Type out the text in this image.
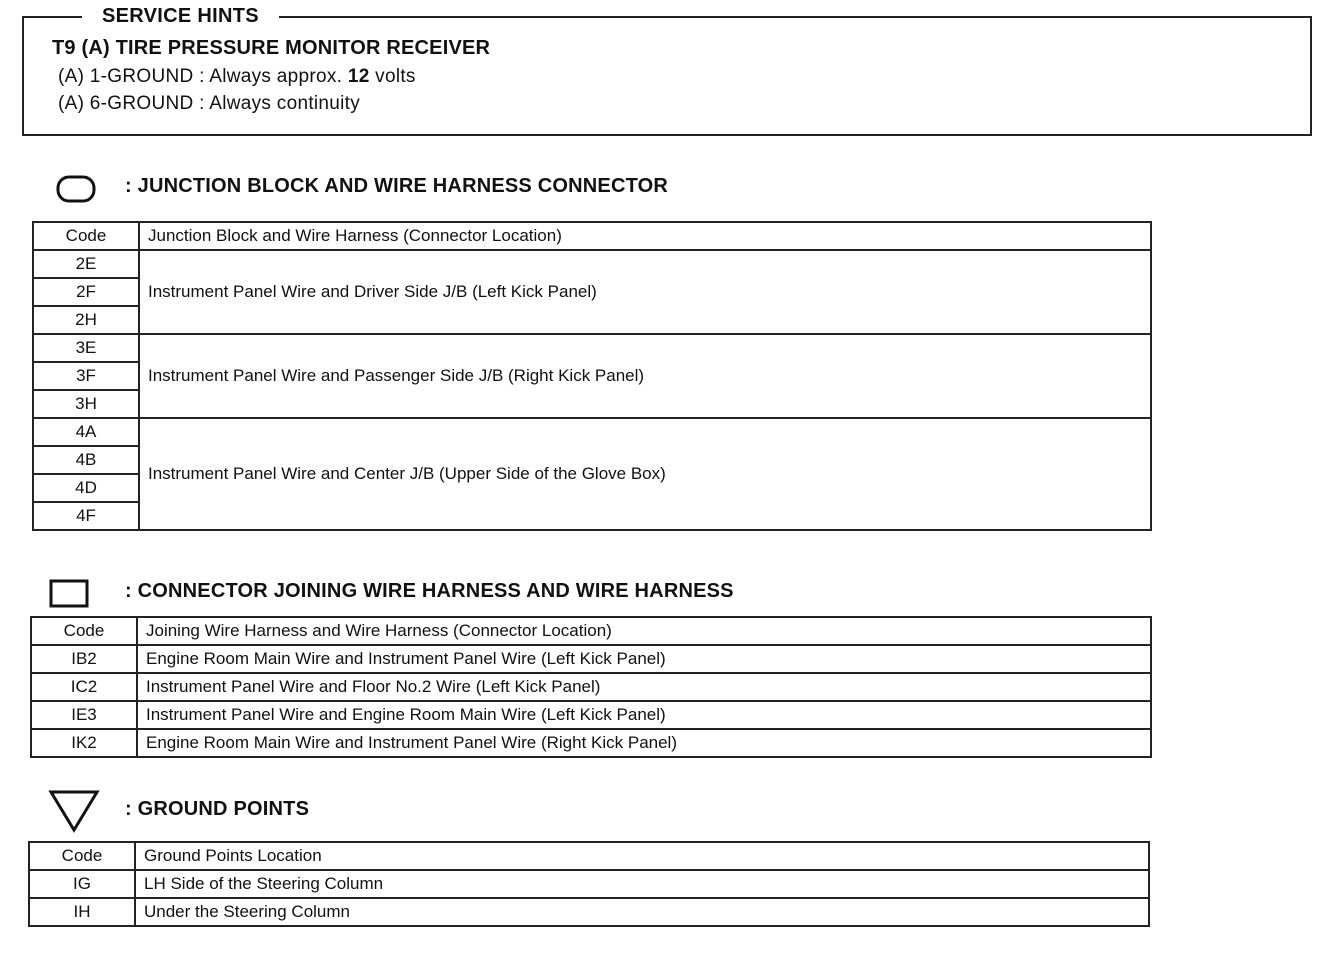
SERVICE HINTS
T9 (A) TIRE PRESSURE MONITOR RECEIVER
(A) 1-GROUND : Always approx. 12 volts
(A) 6-GROUND : Always continuity
: JUNCTION BLOCK AND WIRE HARNESS CONNECTOR
Code	Junction Block and Wire Harness (Connector Location)
2E	Instrument Panel Wire and Driver Side J/B (Left Kick Panel)
2F	
2H	
3E	Instrument Panel Wire and Passenger Side J/B (Right Kick Panel)
3F	
3H	
4A	Instrument Panel Wire and Center J/B (Upper Side of the Glove Box)
4B	
4D	
4F	
: CONNECTOR JOINING WIRE HARNESS AND WIRE HARNESS
Code	Joining Wire Harness and Wire Harness (Connector Location)
IB2	Engine Room Main Wire and Instrument Panel Wire (Left Kick Panel)
IC2	Instrument Panel Wire and Floor No.2 Wire (Left Kick Panel)
IE3	Instrument Panel Wire and Engine Room Main Wire (Left Kick Panel)
IK2	Engine Room Main Wire and Instrument Panel Wire (Right Kick Panel)
: GROUND POINTS
Code	Ground Points Location
IG	LH Side of the Steering Column
IH	Under the Steering Column
